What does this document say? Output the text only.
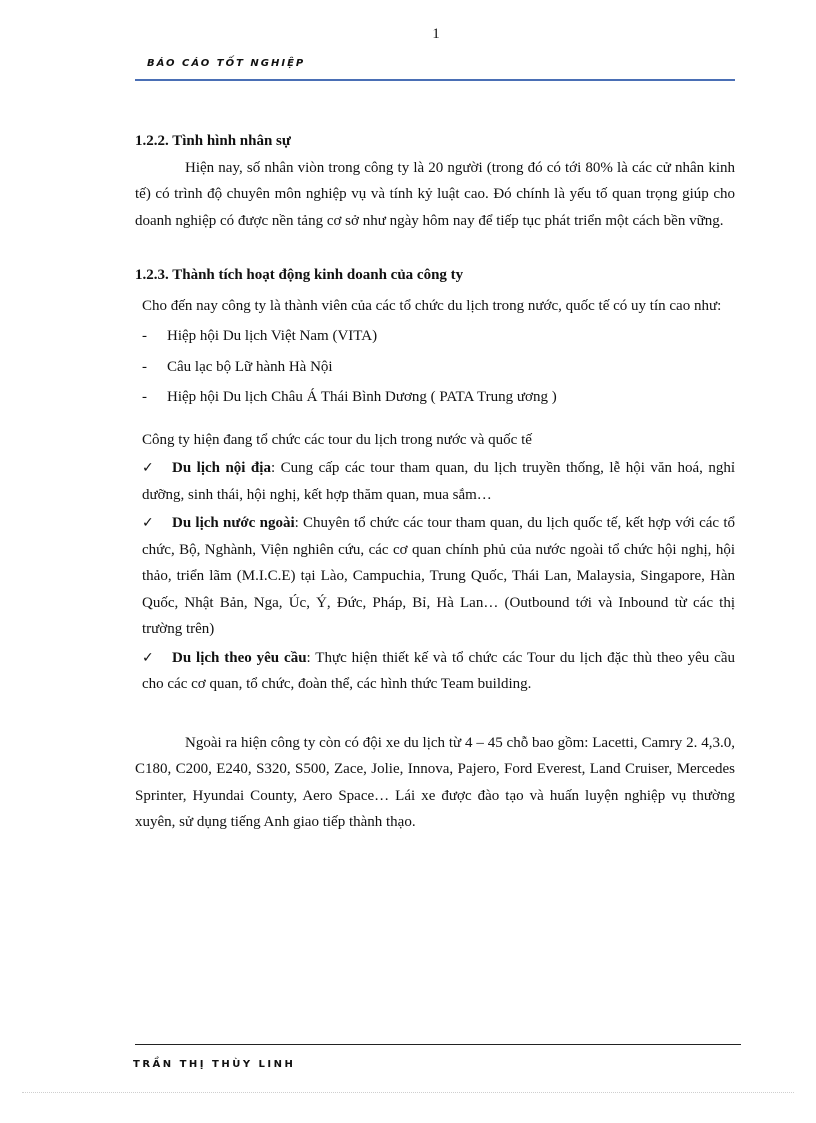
1
BÁO CÁO TỐT NGHIỆP

1.2.2. Tình hình nhân sự

Hiện nay, số nhân viòn trong công ty là 20 người (trong đó có tới 80% là các cử nhân kinh tế) có trình độ chuyên môn nghiệp vụ và tính kỷ luật cao. Đó chính là yếu tố quan trọng giúp cho doanh nghiệp có được nền tảng cơ sở như ngày hôm nay để tiếp tục phát triển một cách bền vững.

1.2.3. Thành tích hoạt động kinh doanh của công ty

Cho đến nay công ty là thành viên của các tổ chức du lịch trong nước, quốc tế có uy tín cao như:

- Hiệp hội Du lịch Việt Nam (VITA)
- Câu lạc bộ Lữ hành Hà Nội
- Hiệp hội Du lịch Châu Á Thái Bình Dương ( PATA Trung ương )

Công ty hiện đang tổ chức các tour du lịch trong nước và quốc tế

✓ Du lịch nội địa: Cung cấp các tour tham quan, du lịch truyền thống, lễ hội văn hoá, nghỉ dưỡng, sinh thái, hội nghị, kết hợp thăm quan, mua sắm…
✓ Du lịch nước ngoài: Chuyên tổ chức các tour tham quan, du lịch quốc tế, kết hợp với các tổ chức, Bộ, Nghành, Viện nghiên cứu, các cơ quan chính phủ của nước ngoài tổ chức hội nghị, hội thảo, triển lãm (M.I.C.E) tại Lào, Campuchia, Trung Quốc, Thái Lan, Malaysia, Singapore, Hàn Quốc, Nhật Bản, Nga, Úc, Ý, Đức, Pháp, Bỉ, Hà Lan… (Outbound tới và Inbound từ các thị trường trên)
✓ Du lịch theo yêu cầu: Thực hiện thiết kế và tổ chức các Tour du lịch đặc thù theo yêu cầu cho các cơ quan, tổ chức, đoàn thể, các hình thức Team building.

Ngoài ra hiện công ty còn có đội xe du lịch từ 4 – 45 chỗ bao gồm: Lacetti, Camry 2. 4,3.0, C180, C200, E240, S320, S500, Zace, Jolie, Innova, Pajero, Ford Everest, Land Cruiser, Mercedes Sprinter, Hyundai County, Aero Space… Lái xe được đào tạo và huấn luyện nghiệp vụ thường xuyên, sử dụng tiếng Anh giao tiếp thành thạo.

TRẦN THỊ THÙY LINH
